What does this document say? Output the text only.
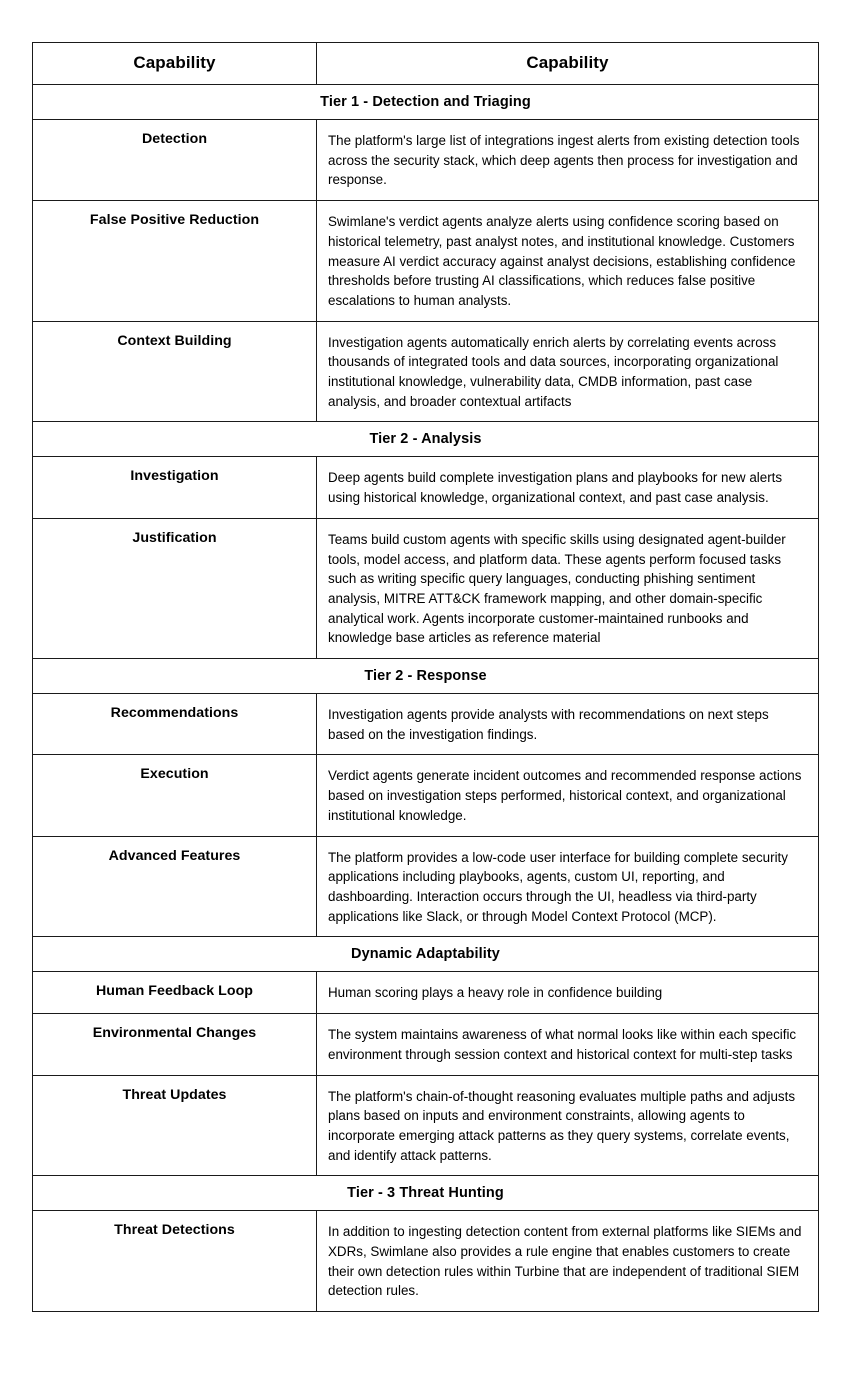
Capability	Capability
Tier 1 - Detection and Triaging	
Detection	The platform's large list of integrations ingest alerts from existing detection tools across the security stack, which deep agents then process for investigation and response.
False Positive Reduction	Swimlane's verdict agents analyze alerts using confidence scoring based on historical telemetry, past analyst notes, and institutional knowledge. Customers measure AI verdict accuracy against analyst decisions, establishing confidence thresholds before trusting AI classifications, which reduces false positive escalations to human analysts.
Context Building	Investigation agents automatically enrich alerts by correlating events across thousands of integrated tools and data sources, incorporating organizational institutional knowledge, vulnerability data, CMDB information, past case analysis, and broader contextual artifacts
Tier 2 - Analysis	
Investigation	Deep agents build complete investigation plans and playbooks for new alerts using historical knowledge, organizational context, and past case analysis.
Justification	Teams build custom agents with specific skills using designated agent-builder tools, model access, and platform data. These agents perform focused tasks such as writing specific query languages, conducting phishing sentiment analysis, MITRE ATT&CK framework mapping, and other domain-specific analytical work. Agents incorporate customer-maintained runbooks and knowledge base articles as reference material
Tier 2 - Response	
Recommendations	Investigation agents provide analysts with recommendations on next steps based on the investigation findings.
Execution	Verdict agents generate incident outcomes and recommended response actions based on investigation steps performed, historical context, and organizational institutional knowledge.
Advanced Features	The platform provides a low-code user interface for building complete security applications including playbooks, agents, custom UI, reporting, and dashboarding. Interaction occurs through the UI, headless via third-party applications like Slack, or through Model Context Protocol (MCP).
Dynamic Adaptability	
Human Feedback Loop	Human scoring plays a heavy role in confidence building
Environmental Changes	The system maintains awareness of what normal looks like within each specific environment through session context and historical context for multi-step tasks
Threat Updates	The platform's chain-of-thought reasoning evaluates multiple paths and adjusts plans based on inputs and environment constraints, allowing agents to incorporate emerging attack patterns as they query systems, correlate events, and identify attack patterns.
Tier - 3 Threat Hunting	
Threat Detections	In addition to ingesting detection content from external platforms like SIEMs and XDRs, Swimlane also provides a rule engine that enables customers to create their own detection rules within Turbine that are independent of traditional SIEM detection rules.
